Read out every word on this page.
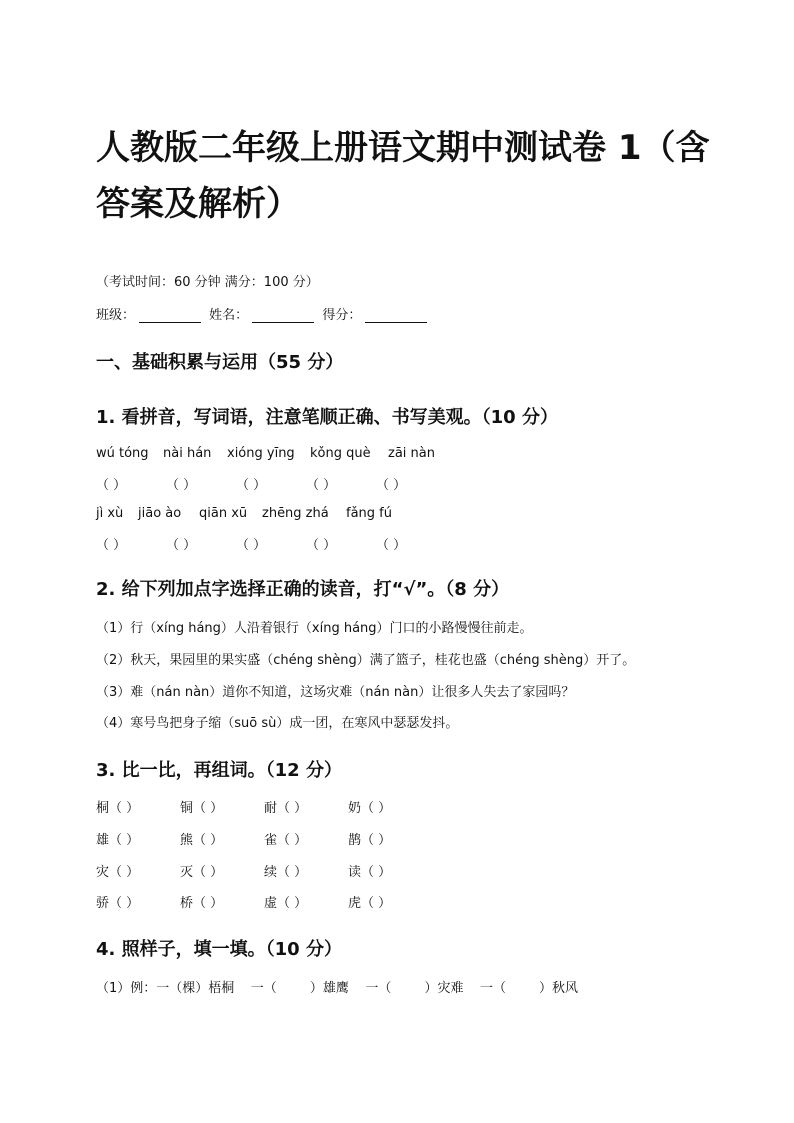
人教版二年级上册语文期中测试卷 1（含答案及解析）
（考试时间：60 分钟 满分：100 分）
班级：	姓名：	得分：
一、基础积累与运用（55 分）
1. 看拼音，写词语，注意笔顺正确、书写美观。（10 分）
wú tóng nài hán xióng yīng kǒng què zāi nàn
（ ）	（ ）	（ ）	（ ）	（ ）
jì xù jiāo ào qiān xū zhēng zhá fǎng fú
（ ）	（ ）	（ ）	（ ）	（ ）
2. 给下列加点字选择正确的读音，打“√”。（8 分）
（1）行（xíng háng）人沿着银行（xíng háng）门口的小路慢慢往前走。
（2）秋天，果园里的果实盛（chéng shèng）满了篮子，桂花也盛（chéng shèng）开了。
（3）难（nán nàn）道你不知道，这场灾难（nán nàn）让很多人失去了家园吗？
（4）寒号鸟把身子缩（suō sù）成一团，在寒风中瑟瑟发抖。
3. 比一比，再组词。（12 分）
桐（ ）	铜（ ）	耐（ ）	奶（ ）
雄（ ）	熊（ ）	雀（ ）	鹊（ ）
灾（ ）	灭（ ）	续（ ）	读（ ）
骄（ ）	桥（ ）	虚（ ）	虎（ ）
4. 照样子，填一填。（10 分）
（1）例：一（棵）梧桐    一（        ）雄鹰    一（        ）灾难    一（        ）秋风
